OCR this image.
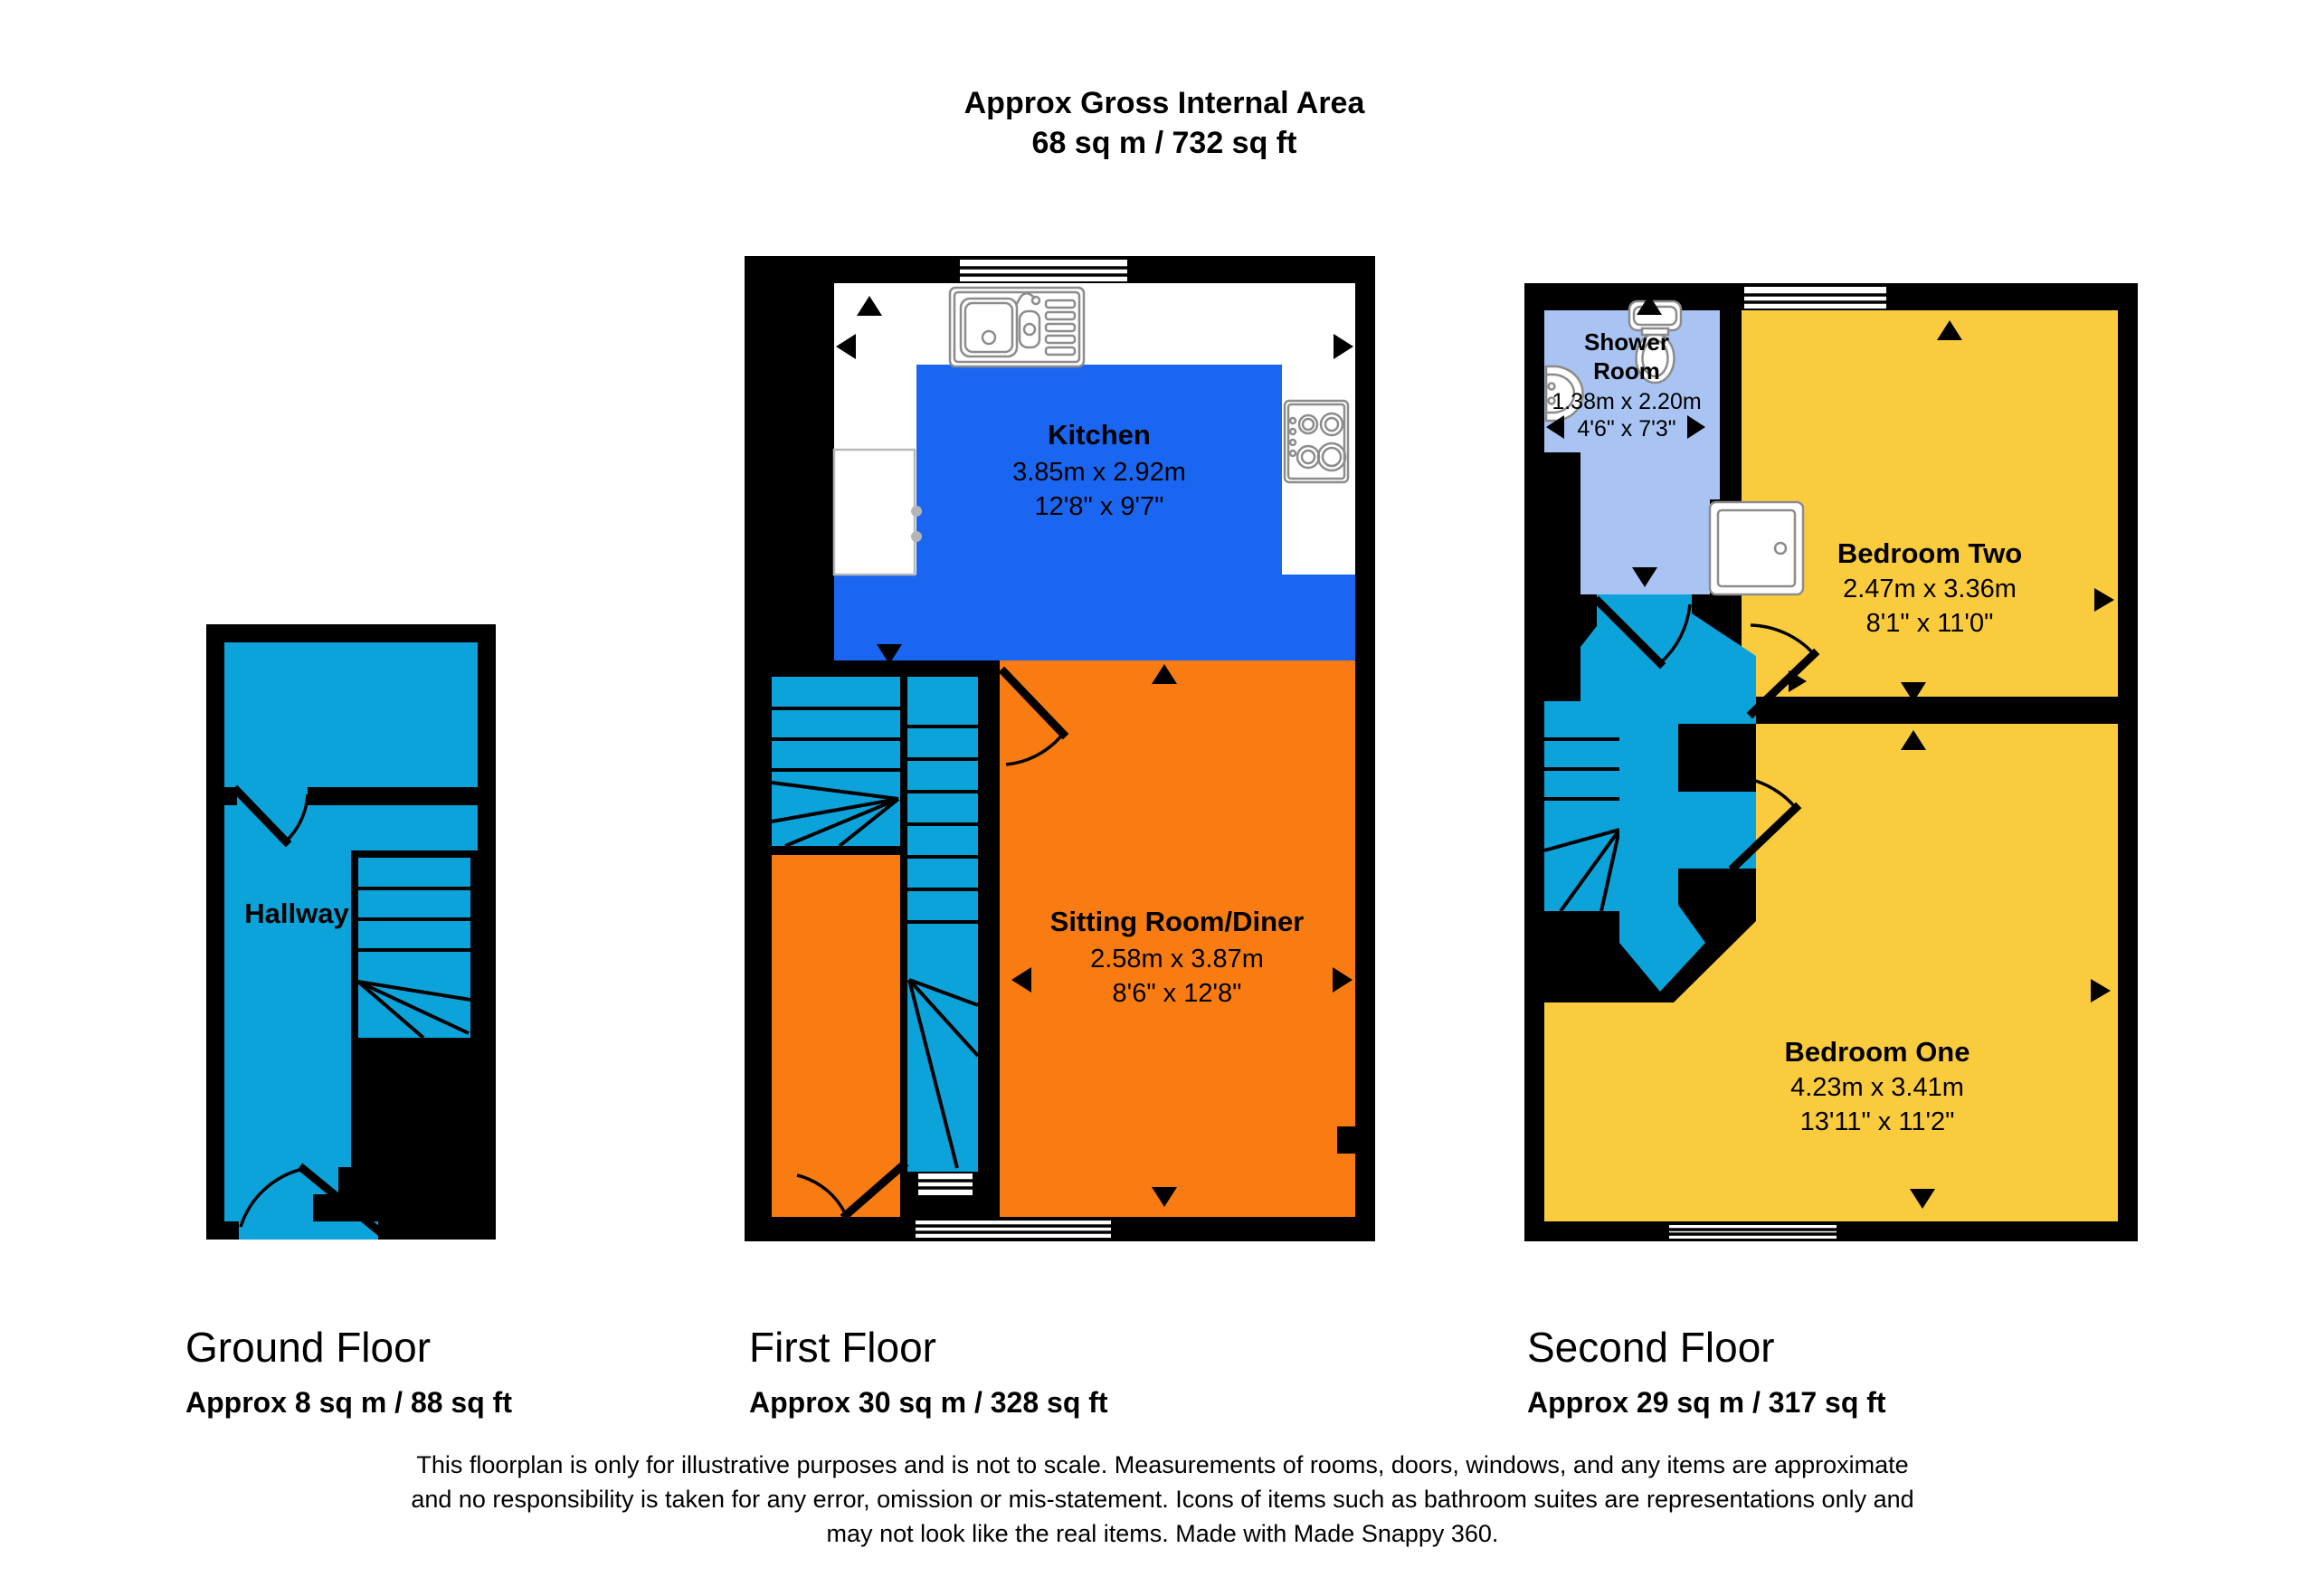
Approx Gross Internal Area
68 sq m / 732 sq ft
Hallway
Kitchen
3.85m x 2.92m
12'8" x 9'7"
Sitting Room/Diner
2.58m x 3.87m
8'6" x 12'8"
Shower
Room
1.38m x 2.20m
4'6" x 7'3"
Bedroom Two
2.47m x 3.36m
8'1" x 11'0"
Bedroom One
4.23m x 3.41m
13'11" x 11'2"
Ground Floor
Approx 8 sq m / 88 sq ft
First Floor
Approx 30 sq m / 328 sq ft
Second Floor
Approx 29 sq m / 317 sq ft
This floorplan is only for illustrative purposes and is not to scale. Measurements of rooms, doors, windows, and any items are approximate
and no responsibility is taken for any error, omission or mis-statement. Icons of items such as bathroom suites are representations only and
may not look like the real items. Made with Made Snappy 360.
